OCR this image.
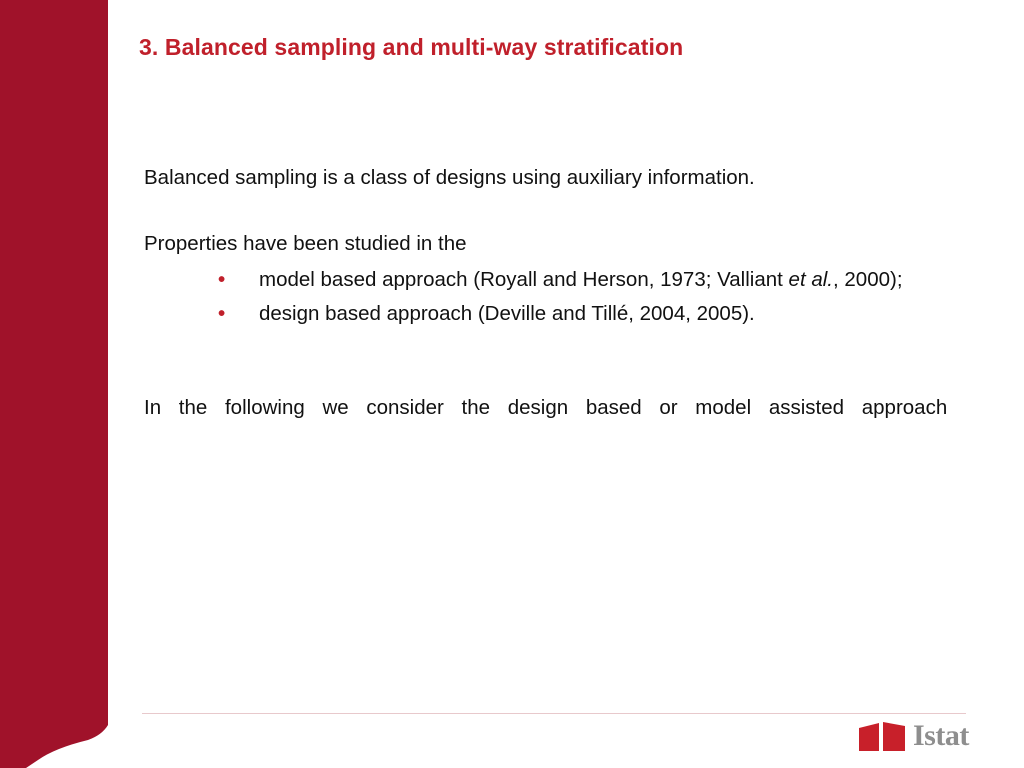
3. Balanced sampling and multi-way stratification

Balanced sampling is a class of designs using auxiliary information.

Properties have been studied in the

• model based approach (Royall and Herson, 1973; Valliant et al., 2000);
• design based approach (Deville and Tillé, 2004, 2005).

In the following we consider the design based or model assisted approach

Istat
